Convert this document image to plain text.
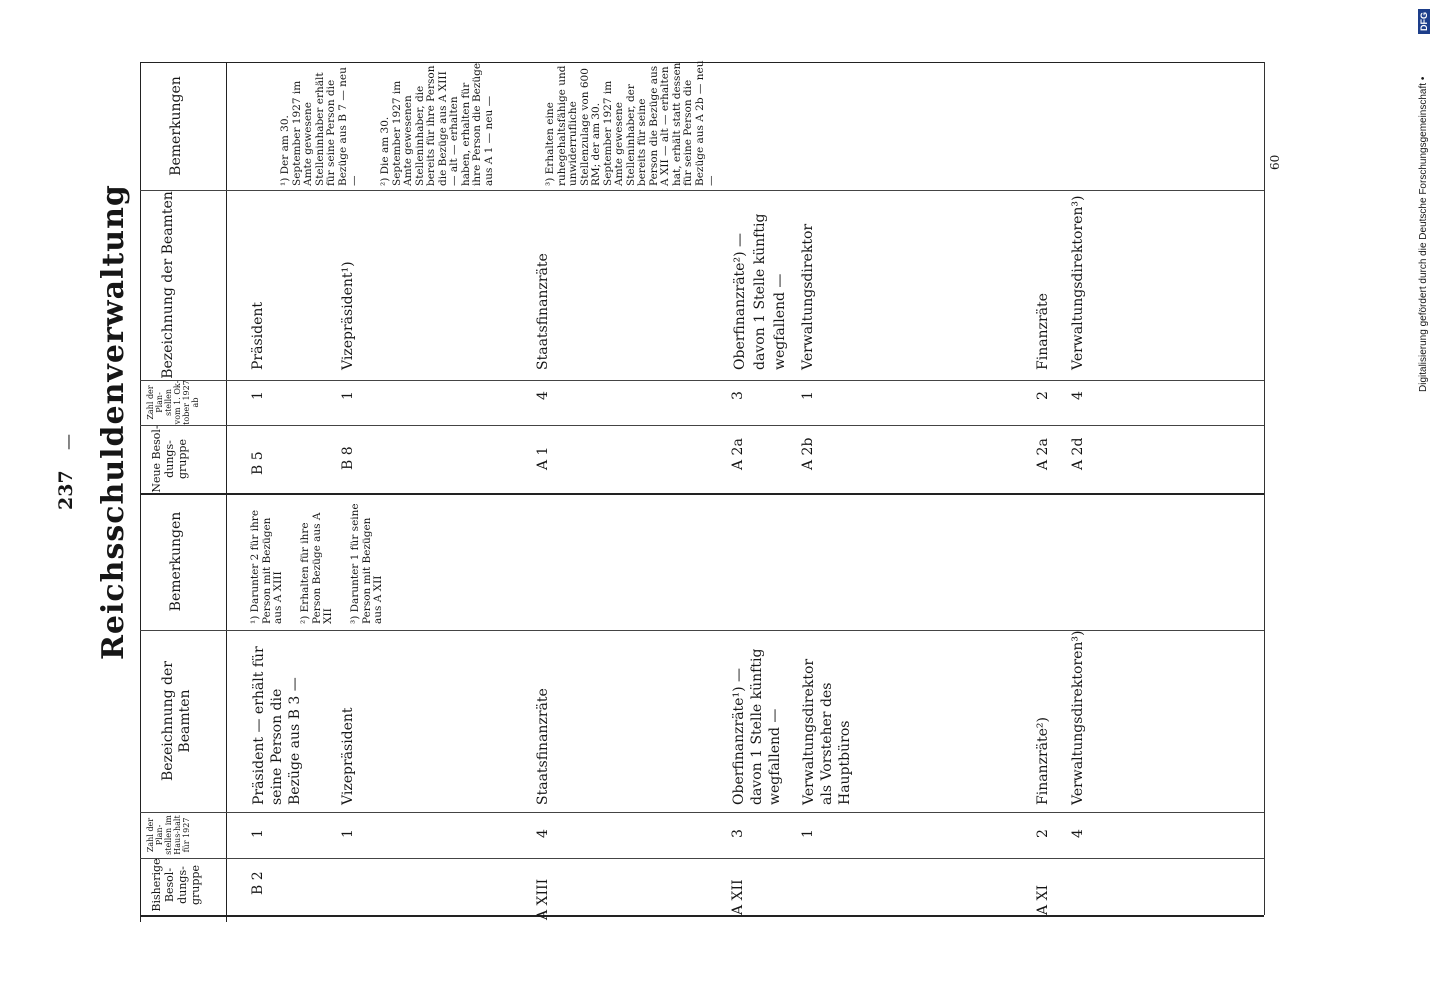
237
— Reichsschuldenverwaltung	Digitalisierung gefördert durch die Deutsche Forschungsgemeinschaft •
DFG
60
Bemerkungen
Bezeichnung der Beamten
Zahl der Plan-stellen vom 1. Ok-tober 1927 ab
Neue Besol-dungs-gruppe
Bemerkungen
Bezeichnung der Beamten
Zahl der Plan-stellen im Haus-halt für 1927
Bisherige Besol-dungs-gruppe
B 5
1
Präsident
B 8
1
Vizepräsident¹)
A 1
4
Staatsfinanzräte
A 2a
3
Oberfinanzräte²) — davon 1 Stelle künftig wegfallend —
A 2b
1
Verwaltungsdirektor
A 2a
2
Finanzräte
A 2d
4
Verwaltungsdirektoren³)
¹) Der am 30. September 1927 im Amte gewesene Stelleninhaber erhält für seine Person die Bezüge aus B 7 — neu — ²) Die am 30. September 1927 im Amte gewesenen Stelleninhaber, die bereits für ihre Person die Bezüge aus A XIII — alt — erhalten haben, erhalten für ihre Person die Bezüge aus A 1 — neu —	³) Erhalten eine ruhegehaltsfähige und unwiderrufliche Stellenzulage von 600 RM; der am 30. September 1927 im Amte gewesene Stelleninhaber, der bereits für seine Person die Bezüge aus A XII — alt — erhalten hat, erhält statt dessen für seine Person die Bezüge aus A 2b — neu —
B 2
1
Präsident — erhält für seine Person die Bezüge aus B 3 —
1
Vizepräsident
A XIII
4
Staatsfinanzräte
A XII
3
Oberfinanzräte¹) — davon 1 Stelle künftig wegfallend —
1
Verwaltungsdirektor als Vorsteher des Hauptbüros
A XI
2
Finanzräte²)
4
Verwaltungsdirektoren³)
¹) Darunter 2 für ihre Person mit Bezügen aus A XIII ²) Erhalten für ihre Person Bezüge aus A XII ³) Darunter 1 für seine Person mit Bezügen aus A XII
